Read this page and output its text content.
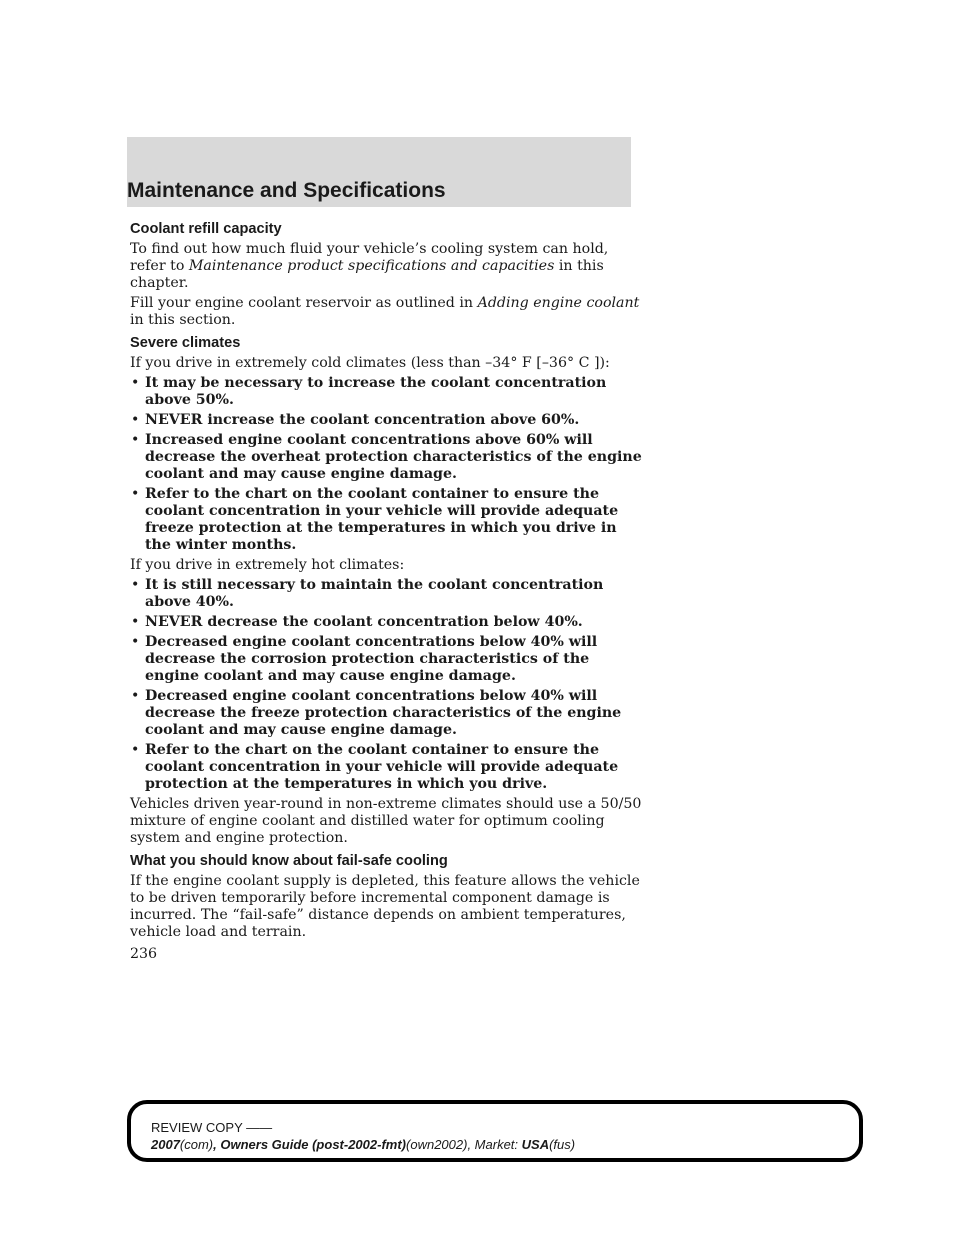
Maintenance and Specifications
Coolant refill capacity

To find out how much fluid your vehicle’s cooling system can hold, refer to Maintenance product specifications and capacities in this chapter.

Fill your engine coolant reservoir as outlined in Adding engine coolant in this section.

Severe climates

If you drive in extremely cold climates (less than –34° F [–36° C ]):

• It may be necessary to increase the coolant concentration above 50%.
• NEVER increase the coolant concentration above 60%.
• Increased engine coolant concentrations above 60% will decrease the overheat protection characteristics of the engine coolant and may cause engine damage.
• Refer to the chart on the coolant container to ensure the coolant concentration in your vehicle will provide adequate freeze protection at the temperatures in which you drive in the winter months.

If you drive in extremely hot climates:

• It is still necessary to maintain the coolant concentration above 40%.
• NEVER decrease the coolant concentration below 40%.
• Decreased engine coolant concentrations below 40% will decrease the corrosion protection characteristics of the engine coolant and may cause engine damage.
• Decreased engine coolant concentrations below 40% will decrease the freeze protection characteristics of the engine coolant and may cause engine damage.
• Refer to the chart on the coolant container to ensure the coolant concentration in your vehicle will provide adequate protection at the temperatures in which you drive.

Vehicles driven year-round in non-extreme climates should use a 50/50 mixture of engine coolant and distilled water for optimum cooling system and engine protection.

What you should know about fail-safe cooling

If the engine coolant supply is depleted, this feature allows the vehicle to be driven temporarily before incremental component damage is incurred. The “fail-safe” distance depends on ambient temperatures, vehicle load and terrain.

236
REVIEW COPY ——
2007(com), Owners Guide (post-2002-fmt)(own2002), Market: USA(fus)
